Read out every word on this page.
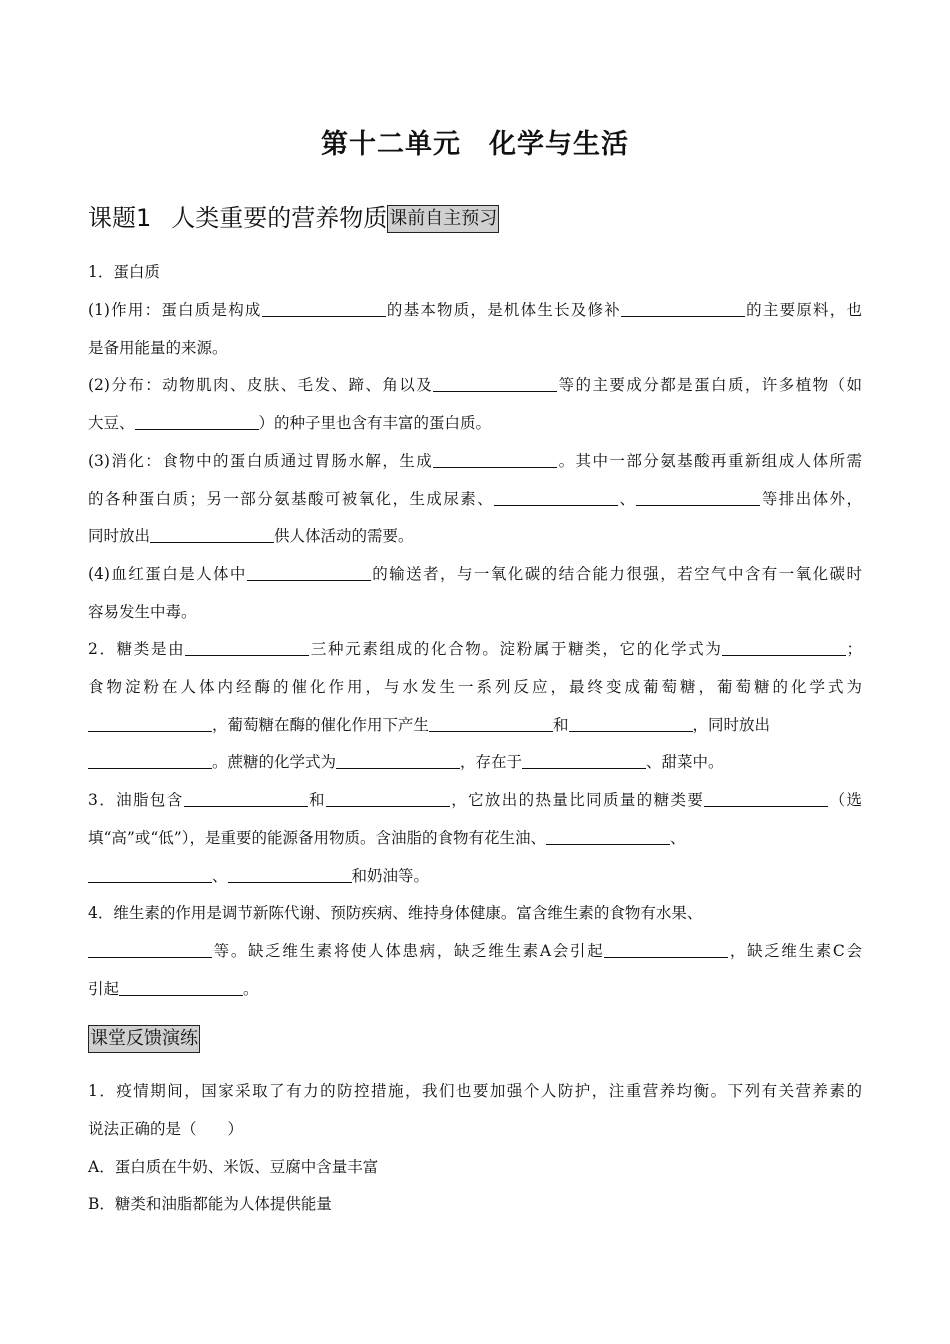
第十二单元 化学与生活
课题1 人类重要的营养物质 课前自主预习
1．蛋白质
(1)作用：蛋白质是构成	的基本物质，是机体生长及修补	的主要原料，也
是备用能量的来源。
(2)分布：动物肌肉、皮肤、毛发、蹄、角以及	等的主要成分都是蛋白质，许多植物（如
大豆、	）的种子里也含有丰富的蛋白质。
(3)消化：食物中的蛋白质通过胃肠水解，生成	。其中一部分氨基酸再重新组成人体所需
的各种蛋白质；另一部分氨基酸可被氧化，生成尿素、	、	等排出体外，
同时放出	供人体活动的需要。
(4)血红蛋白是人体中	的输送者，与一氧化碳的结合能力很强，若空气中含有一氧化碳时
容易发生中毒。
2．糖类是由	三种元素组成的化合物。淀粉属于糖类，它的化学式为	；
食物淀粉在人体内经酶的催化作用，与水发生一系列反应，最终变成葡萄糖，葡萄糖的化学式为
，葡萄糖在酶的催化作用下产生	和	，同时放出
。蔗糖的化学式为	，存在于	、甜菜中。
3．油脂包含	和	，它放出的热量比同质量的糖类要	（选
填“高”或“低”），是重要的能源备用物质。含油脂的食物有花生油、	、
、	和奶油等。
4．维生素的作用是调节新陈代谢、预防疾病、维持身体健康。富含维生素的食物有水果、
等。缺乏维生素将使人体患病，缺乏维生素A会引起	，缺乏维生素C会
引起	。
课堂反馈演练
1．疫情期间，国家采取了有力的防控措施，我们也要加强个人防护，注重营养均衡。下列有关营养素的
说法正确的是（　　）
A．蛋白质在牛奶、米饭、豆腐中含量丰富
B．糖类和油脂都能为人体提供能量
